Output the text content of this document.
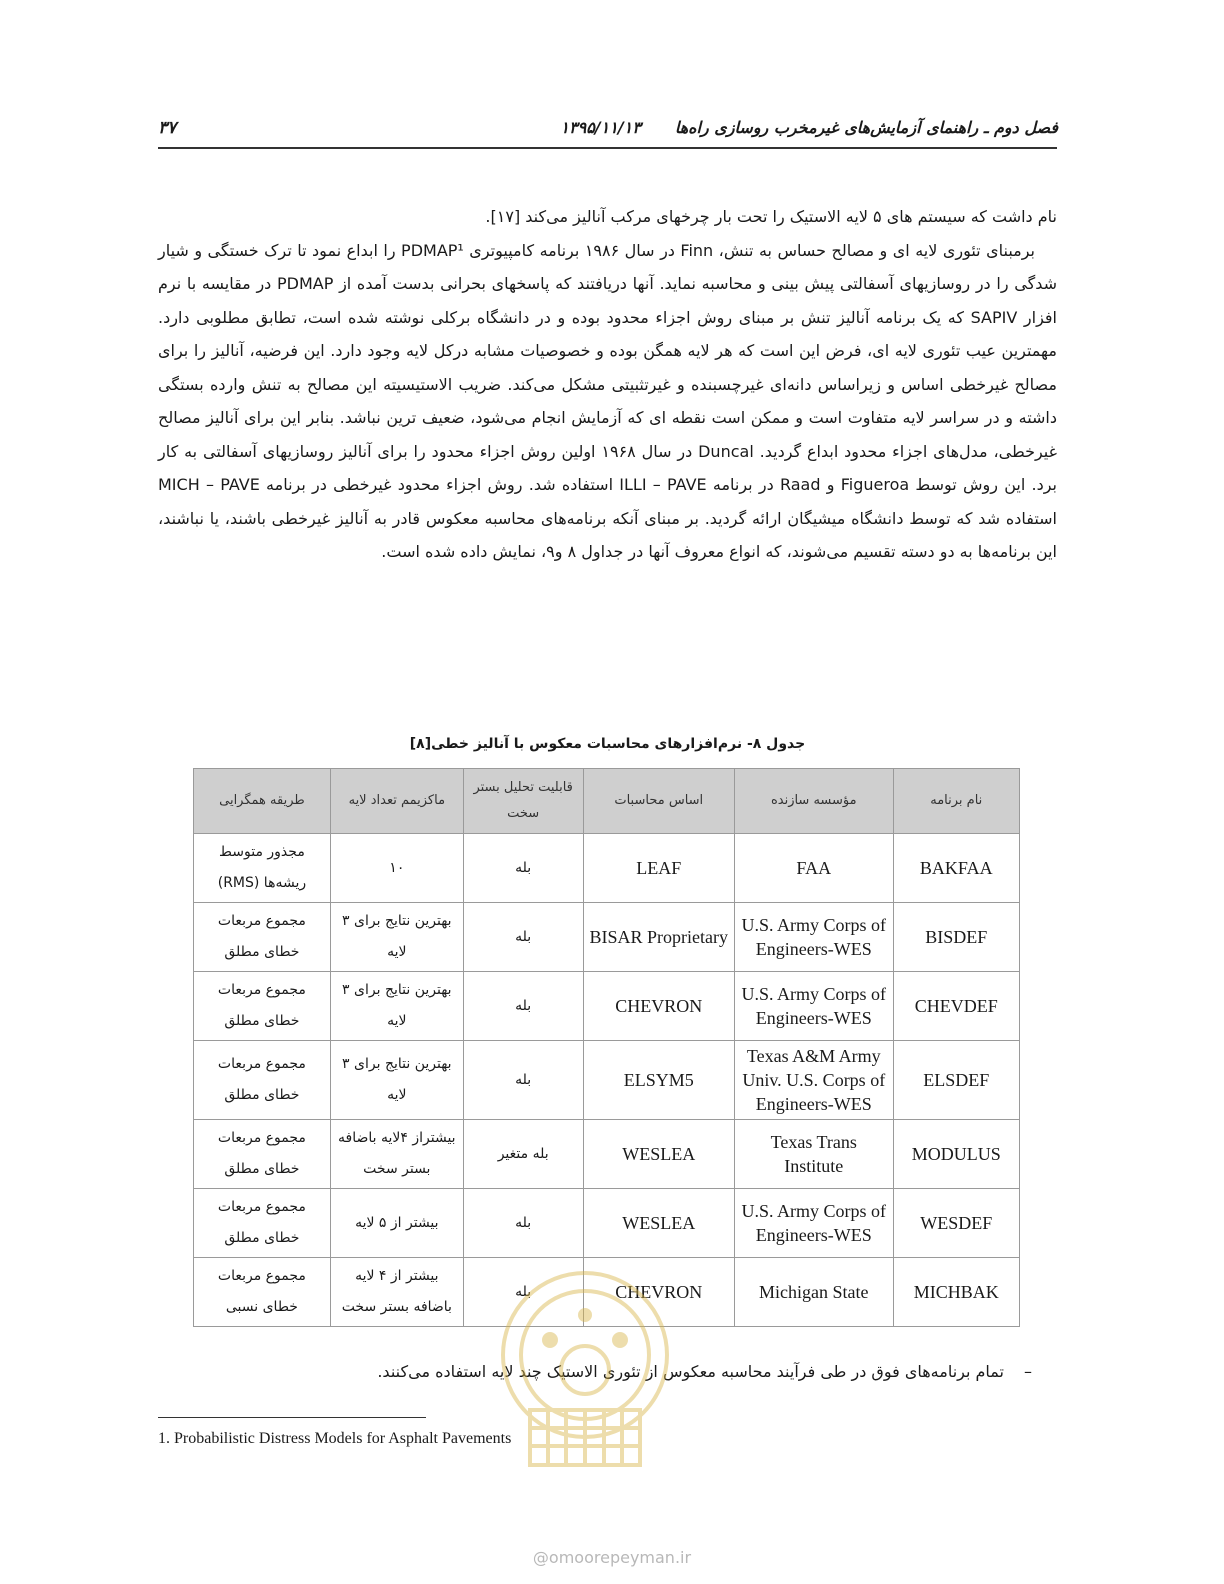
فصل دوم ـ راهنمای آزمایش‌های غیرمخرب روسازی راه‌ها۱۳۹۵/۱۱/۱۳
۳۷

نام داشت که سیستم های ۵ لایه الاستیک را تحت بار چرخهای مرکب آنالیز می‌کند [۱۷].

برمبنای تئوری لایه ای و مصالح حساس به تنش، Finn در سال ۱۹۸۶ برنامه کامپیوتری PDMAP¹ را ابداع نمود تا ترک خستگی و شیار شدگی را در روسازیهای آسفالتی پیش بینی و محاسبه نماید. آنها دریافتند که پاسخهای بحرانی بدست آمده از PDMAP در مقایسه با نرم افزار SAPIV که یک برنامه آنالیز تنش بر مبنای روش اجزاء محدود بوده و در دانشگاه برکلی نوشته شده است، تطابق مطلوبی دارد. مهمترین عیب تئوری لایه ای، فرض این است که هر لایه همگن بوده و خصوصیات مشابه درکل لایه وجود دارد. این فرضیه، آنالیز را برای مصالح غیرخطی اساس و زیراساس دانه‌ای غیرچسبنده و غیرتثبیتی مشکل می‌کند. ضریب الاستیسیته این مصالح به تنش وارده بستگی داشته و در سراسر لایه متفاوت است و ممکن است نقطه ای که آزمایش انجام می‌شود، ضعیف ترین نباشد. بنابر این برای آنالیز مصالح غیرخطی، مدل‌های اجزاء محدود ابداع گردید. Duncal در سال ۱۹۶۸ اولین روش اجزاء محدود را برای آنالیز روسازیهای آسفالتی به کار برد. این روش توسط Figueroa و Raad در برنامه ILLI – PAVE استفاده شد. روش اجزاء محدود غیرخطی در برنامه MICH – PAVE استفاده شد که توسط دانشگاه میشیگان ارائه گردید. بر مبنای آنکه برنامه‌های محاسبه معکوس قادر به آنالیز غیرخطی باشند، یا نباشند، این برنامه‌ها به دو دسته تقسیم می‌شوند، که انواع معروف آنها در جداول ۸ و۹، نمایش داده شده است.

جدول ۸- نرم‌افزارهای محاسبات معکوس با آنالیز خطی[۸]
نام برنامه	مؤسسه سازنده	اساس محاسبات	قابلیت تحلیل بستر سخت	ماکزیمم تعداد لایه	طریقه همگرایی
BAKFAA	FAA	LEAF	بله	۱۰	مجذور متوسط ریشه‌ها (RMS)
BISDEF	U.S. Army Corps of Engineers-WES	BISAR Proprietary	بله	بهترین نتایج برای ۳ لایه	مجموع مربعات خطای مطلق
CHEVDEF	U.S. Army Corps of Engineers-WES	CHEVRON	بله	بهترین نتایج برای ۳ لایه	مجموع مربعات خطای مطلق
ELSDEF	Texas A&M Army Univ. U.S. Corps of Engineers-WES	ELSYM5	بله	بهترین نتایج برای ۳ لایه	مجموع مربعات خطای مطلق
MODULUS	Texas Trans Institute	WESLEA	بله متغیر	بیشتراز ۴لایه باضافه بستر سخت	مجموع مربعات خطای مطلق
WESDEF	U.S. Army Corps of Engineers-WES	WESLEA	بله	بیشتر از ۵ لایه	مجموع مربعات خطای مطلق
MICHBAK	Michigan State	CHEVRON	بله	بیشتر از ۴ لایه باضافه بستر سخت	مجموع مربعات خطای نسبی
–تمام برنامه‌های فوق در طی فرآیند محاسبه معکوس از تئوری الاستیک چند لایه استفاده می‌کنند.
1. Probabilistic Distress Models for Asphalt Pavements
@omoorepeyman.ir
